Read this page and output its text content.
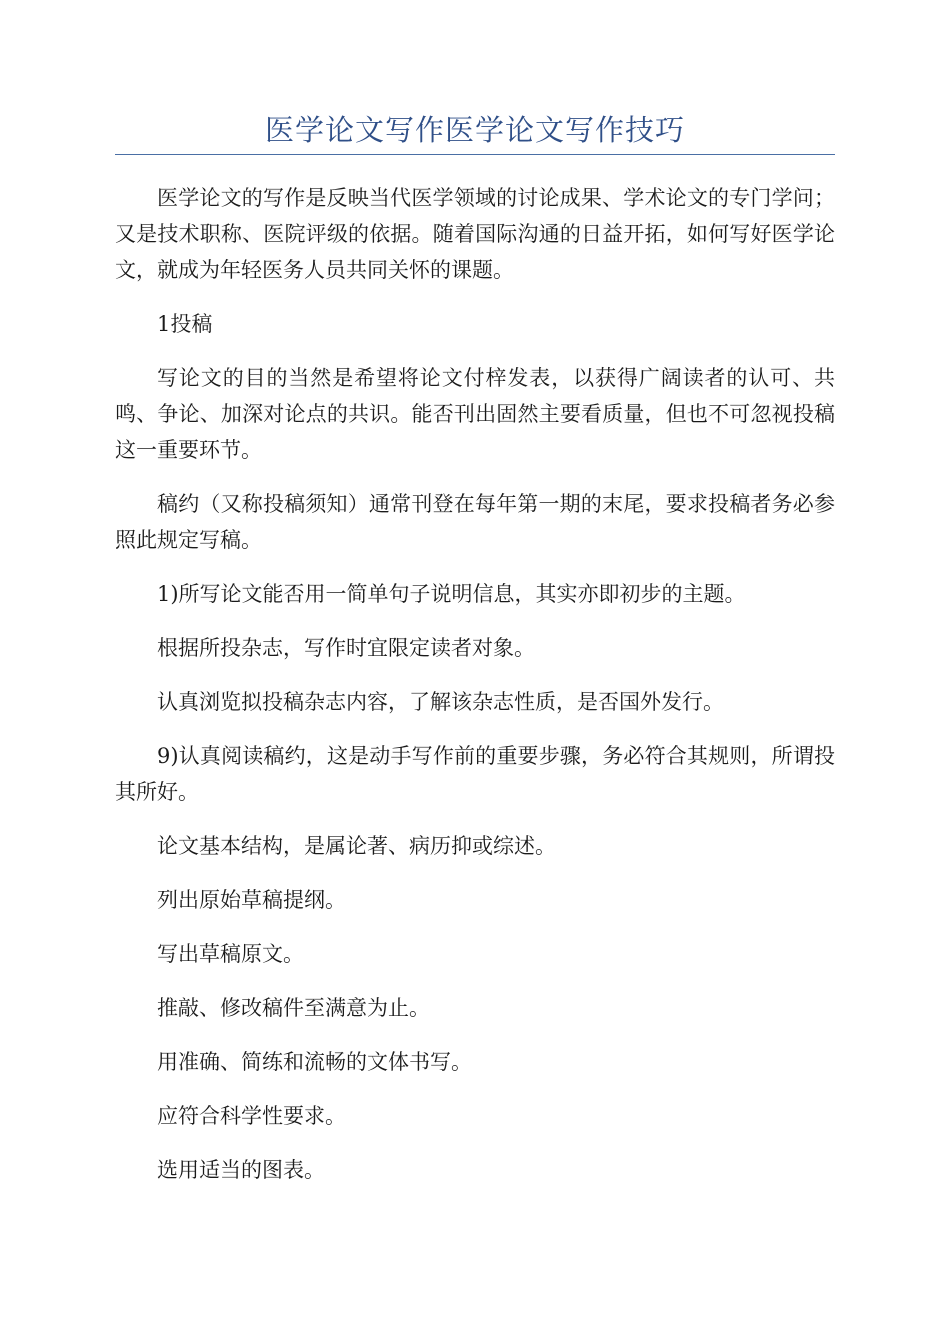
医学论文写作医学论文写作技巧

医学论文的写作是反映当代医学领域的讨论成果、学术论文的专门学问；又是技术职称、医院评级的依据。随着国际沟通的日益开拓，如何写好医学论文，就成为年轻医务人员共同关怀的课题。

1投稿

写论文的目的当然是希望将论文付梓发表，以获得广阔读者的认可、共鸣、争论、加深对论点的共识。能否刊出固然主要看质量，但也不可忽视投稿这一重要环节。

稿约（又称投稿须知）通常刊登在每年第一期的末尾，要求投稿者务必参照此规定写稿。

1)所写论文能否用一简单句子说明信息，其实亦即初步的主题。

根据所投杂志，写作时宜限定读者对象。

认真浏览拟投稿杂志内容，了解该杂志性质，是否国外发行。

9)认真阅读稿约，这是动手写作前的重要步骤，务必符合其规则，所谓投其所好。

论文基本结构，是属论著、病历抑或综述。

列出原始草稿提纲。

写出草稿原文。

推敲、修改稿件至满意为止。

用准确、简练和流畅的文体书写。

应符合科学性要求。

选用适当的图表。
